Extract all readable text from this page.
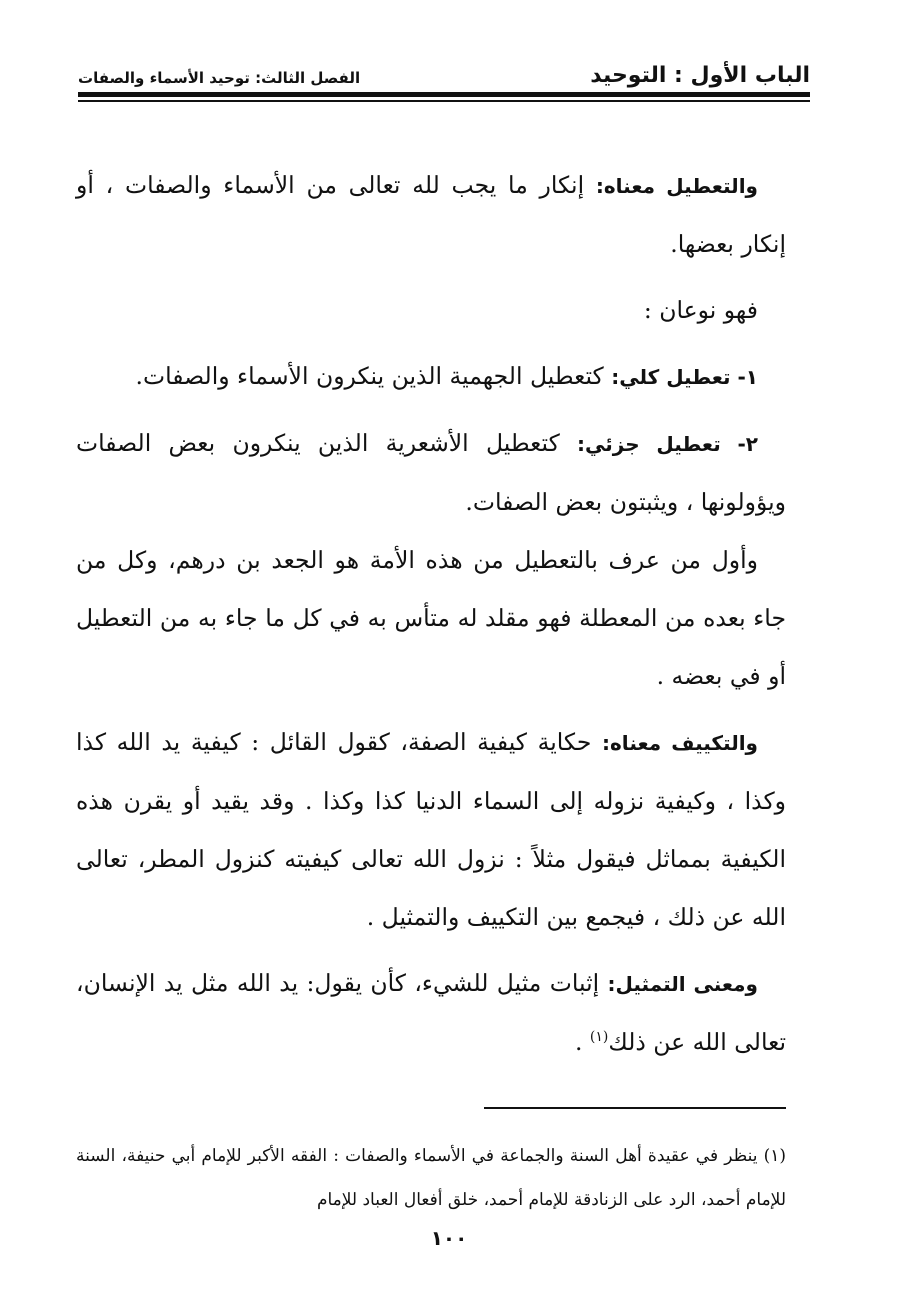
الباب الأول : التوحيد
الفصل الثالث: توحيد الأسماء والصفات

والتعطيل معناه: إنكار ما يجب لله تعالى من الأسماء والصفات ، أو إنكار بعضها.

فهو نوعان :

١- تعطيل كلي: كتعطيل الجهمية الذين ينكرون الأسماء والصفات.

٢- تعطيل جزئي: كتعطيل الأشعرية الذين ينكرون بعض الصفات ويؤولونها ، ويثبتون بعض الصفات.

وأول من عرف بالتعطيل من هذه الأمة هو الجعد بن درهم، وكل من جاء بعده من المعطلة فهو مقلد له متأس به في كل ما جاء به من التعطيل أو في بعضه .

والتكييف معناه: حكاية كيفية الصفة، كقول القائل : كيفية يد الله كذا وكذا ، وكيفية نزوله إلى السماء الدنيا كذا وكذا . وقد يقيد أو يقرن هذه الكيفية بمماثل فيقول مثلاً : نزول الله تعالى كيفيته كنزول المطر، تعالى الله عن ذلك ، فيجمع بين التكييف والتمثيل .

ومعنى التمثيل: إثبات مثيل للشيء، كأن يقول: يد الله مثل يد الإنسان، تعالى الله عن ذلك$^{(١)}$ .

(١) ينظر في عقيدة أهل السنة والجماعة في الأسماء والصفات : الفقه الأكبر للإمام أبي حنيفة، السنة للإمام أحمد، الرد على الزنادقة للإمام أحمد، خلق أفعال العباد للإمام

١٠٠
